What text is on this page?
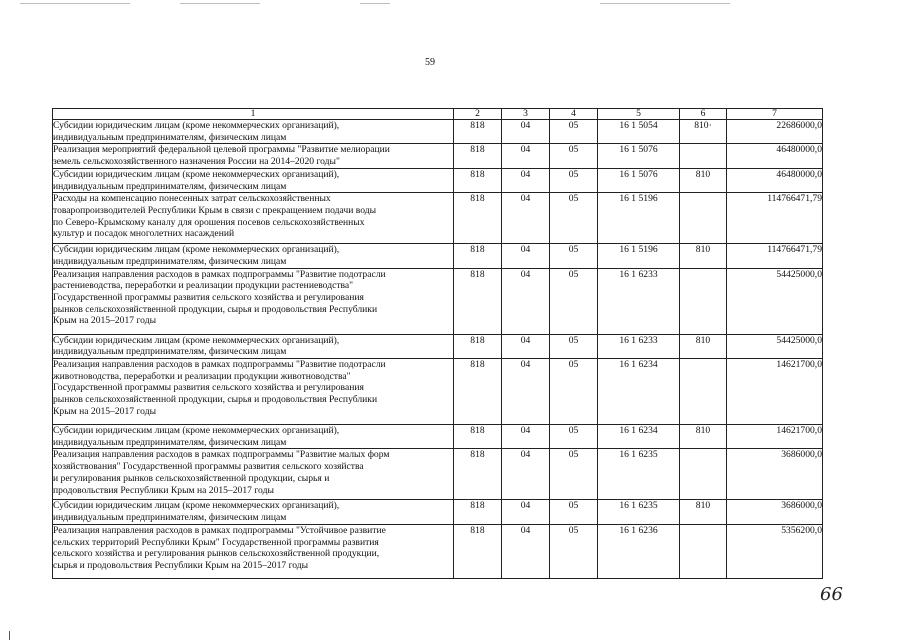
59
1	2	3	4	5	6	7
Субсидии юридическим лицам (кроме некоммерческих организаций),
индивидуальным предпринимателям, физическим лицам	818	04	05	16 1 5054	810·	22686000,0
Реализация мероприятий федеральной целевой программы "Развитие мелиорации
земель сельскохозяйственного назначения России на 2014–2020 годы"	818	04	05	16 1 5076		46480000,0
Субсидии юридическим лицам (кроме некоммерческих организаций),
индивидуальным предпринимателям, физическим лицам	818	04	05	16 1 5076	810	46480000,0
Расходы на компенсацию понесенных затрат сельскохозяйственных
товаропроизводителей Республики Крым в связи с прекращением подачи воды
по Северо-Крымскому каналу для орошения посевов сельскохозяйственных
культур и посадок многолетних насаждений	818	04	05	16 1 5196		114766471,79
Субсидии юридическим лицам (кроме некоммерческих организаций),
индивидуальным предпринимателям, физическим лицам	818	04	05	16 1 5196	810	114766471,79
Реализация направления расходов в рамках подпрограммы "Развитие подотрасли
растениеводства, переработки и реализации продукции растениеводства"
Государственной программы развития сельского хозяйства и регулирования
рынков сельскохозяйственной продукции, сырья и продовольствия Республики
Крым на 2015–2017 годы	818	04	05	16 1 6233		54425000,0
Субсидии юридическим лицам (кроме некоммерческих организаций),
индивидуальным предпринимателям, физическим лицам	818	04	05	16 1 6233	810	54425000,0
Реализация направления расходов в рамках подпрограммы "Развитие подотрасли
животноводства, переработки и реализации продукции животноводства"
Государственной программы развития сельского хозяйства и регулирования
рынков сельскохозяйственной продукции, сырья и продовольствия Республики
Крым на 2015–2017 годы	818	04	05	16 1 6234		14621700,0
Субсидии юридическим лицам (кроме некоммерческих организаций),
индивидуальным предпринимателям, физическим лицам	818	04	05	16 1 6234	810	14621700,0
Реализация направления расходов в рамках подпрограммы "Развитие малых форм
хозяйствования" Государственной программы развития сельского хозяйства
и регулирования рынков сельскохозяйственной продукции, сырья и
продовольствия Республики Крым на 2015–2017 годы	818	04	05	16 1 6235		3686000,0
Субсидии юридическим лицам (кроме некоммерческих организаций),
индивидуальным предпринимателям, физическим лицам	818	04	05	16 1 6235	810	3686000,0
Реализация направления расходов в рамках подпрограммы "Устойчивое развитие
сельских территорий Республики Крым" Государственной программы развития
сельского хозяйства и регулирования рынков сельскохозяйственной продукции,
сырья и продовольствия Республики Крым на 2015–2017 годы	818	04	05	16 1 6236		5356200,0
66
